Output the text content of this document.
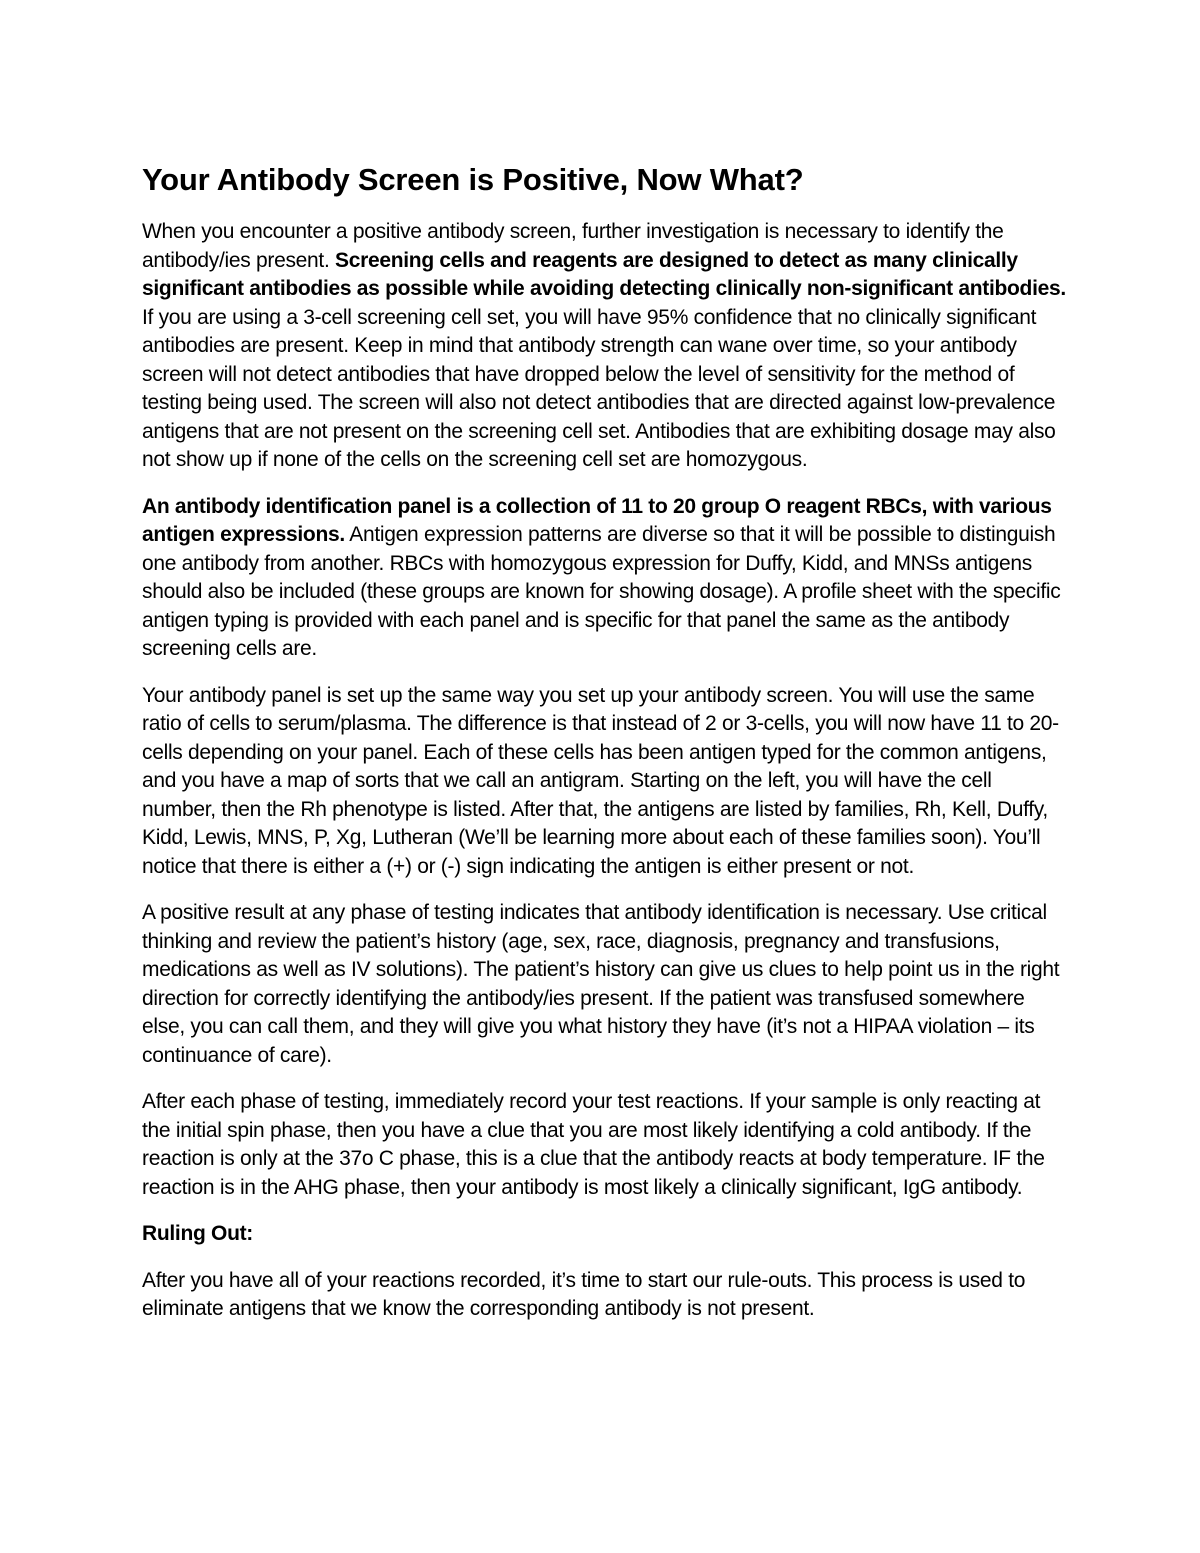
Your Antibody Screen is Positive, Now What?

When you encounter a positive antibody screen, further investigation is necessary to identify the antibody/ies present. Screening cells and reagents are designed to detect as many clinically significant antibodies as possible while avoiding detecting clinically non-significant antibodies. If you are using a 3-cell screening cell set, you will have 95% confidence that no clinically significant antibodies are present. Keep in mind that antibody strength can wane over time, so your antibody screen will not detect antibodies that have dropped below the level of sensitivity for the method of testing being used. The screen will also not detect antibodies that are directed against low-prevalence antigens that are not present on the screening cell set. Antibodies that are exhibiting dosage may also not show up if none of the cells on the screening cell set are homozygous.

An antibody identification panel is a collection of 11 to 20 group O reagent RBCs, with various antigen expressions. Antigen expression patterns are diverse so that it will be possible to distinguish one antibody from another. RBCs with homozygous expression for Duffy, Kidd, and MNSs antigens should also be included (these groups are known for showing dosage). A profile sheet with the specific antigen typing is provided with each panel and is specific for that panel the same as the antibody screening cells are.

Your antibody panel is set up the same way you set up your antibody screen. You will use the same ratio of cells to serum/plasma. The difference is that instead of 2 or 3-cells, you will now have 11 to 20-cells depending on your panel. Each of these cells has been antigen typed for the common antigens, and you have a map of sorts that we call an antigram. Starting on the left, you will have the cell number, then the Rh phenotype is listed. After that, the antigens are listed by families, Rh, Kell, Duffy, Kidd, Lewis, MNS, P, Xg, Lutheran (We’ll be learning more about each of these families soon). You’ll notice that there is either a (+) or (-) sign indicating the antigen is either present or not.

A positive result at any phase of testing indicates that antibody identification is necessary. Use critical thinking and review the patient’s history (age, sex, race, diagnosis, pregnancy and transfusions, medications as well as IV solutions). The patient’s history can give us clues to help point us in the right direction for correctly identifying the antibody/ies present. If the patient was transfused somewhere else, you can call them, and they will give you what history they have (it’s not a HIPAA violation – its continuance of care).

After each phase of testing, immediately record your test reactions. If your sample is only reacting at the initial spin phase, then you have a clue that you are most likely identifying a cold antibody. If the reaction is only at the 37o C phase, this is a clue that the antibody reacts at body temperature. IF the reaction is in the AHG phase, then your antibody is most likely a clinically significant, IgG antibody.

Ruling Out:

After you have all of your reactions recorded, it’s time to start our rule-outs. This process is used to eliminate antigens that we know the corresponding antibody is not present.
